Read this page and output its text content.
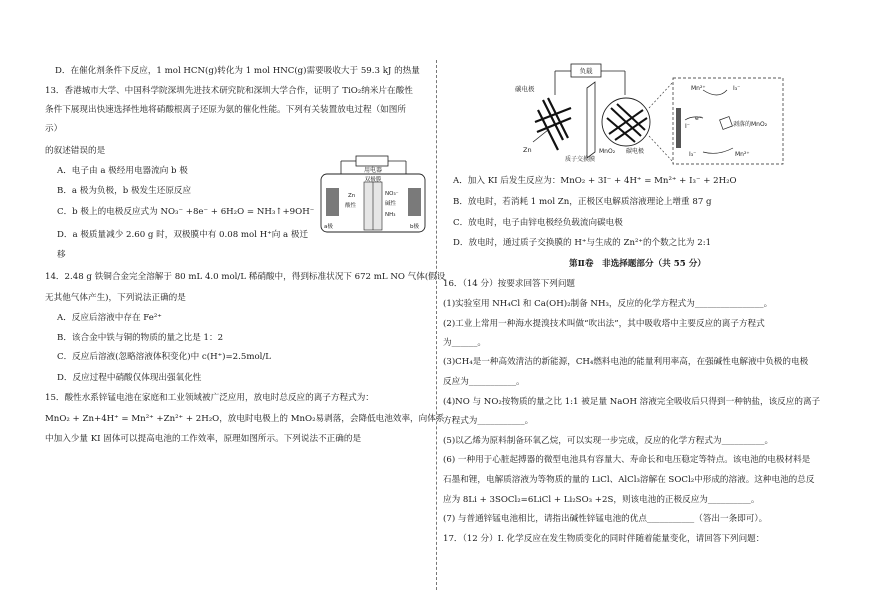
D．在催化剂条件下反应，1 mol HCN(g)转化为 1 mol HNC(g)需要吸收大于 59.3 kJ 的热量
13．香港城市大学、中国科学院深圳先进技术研究院和深圳大学合作，证明了 TiO₂纳米片在酸性
条件下展现出快速选择性地将硝酸根离子还原为氨的催化性能。下列有关装置放电过程（如图所
示）
的叙述错误的是
A．电子由 a 极经用电器流向 b 极
B．a 极为负极，b 极发生还原反应
C．b 极上的电极反应式为 NO₃⁻ +8e⁻ + 6H₂O = NH₃↑+9OH⁻
D．a 极质量减少 2.60 g 时，双极膜中有 0.08 mol H⁺向 a 极迁
移
用电器
双极膜
Zn
酸性
NO₃⁻
碱性
NH₃
a极	b极
14．2.48 g 铁铜合金完全溶解于 80 mL 4.0 mol/L 稀硝酸中，得到标准状况下 672 mL NO 气体(假设
无其他气体产生)，下列说法正确的是
A．反应后溶液中存在 Fe²⁺
B．该合金中铁与铜的物质的量之比是 1：2
C．反应后溶液(忽略溶液体积变化)中 c(H⁺)=2.5mol/L
D．反应过程中硝酸仅体现出强氧化性
15．酸性水系锌锰电池在家庭和工业领域被广泛应用，放电时总反应的离子方程式为：
MnO₂ + Zn+4H⁺ = Mn²⁺ +Zn²⁺ + 2H₂O，放电时电极上的 MnO₂易剥落，会降低电池效率，向体系
中加入少量 KI 固体可以提高电池的工作效率，原理如图所示。下列说法不正确的是
负载
碳电极
Zn
质子交换膜
MnO₂ 碳电极
Mn²⁺	I₃⁻
I⁻
e⁻
剥落的MnO₂
I₃⁻	Mn²⁺
A．加入 KI 后发生反应为：MnO₂ + 3I⁻ + 4H⁺ = Mn²⁺ + I₃⁻ + 2H₂O
B．放电时，若消耗 1 mol Zn，正极区电解质溶液理论上增重 87 g
C．放电时，电子由锌电极经负载流向碳电极
D．放电时，通过质子交换膜的 H⁺与生成的 Zn²⁺的个数之比为 2:1
第Ⅱ卷　非选择题部分（共 55 分）
16．（14 分）按要求回答下列问题
(1)实验室用 NH₄Cl 和 Ca(OH)₂制备 NH₃，反应的化学方程式为________________。
(2)工业上常用一种海水提溴技术叫做“吹出法”，其中吸收塔中主要反应的离子方程式
为______。
(3)CH₄是一种高效清洁的新能源，CH₄燃料电池的能量利用率高，在强碱性电解液中负极的电极
反应为___________。
(4)NO 与 NO₂按物质的量之比 1:1 被足量 NaOH 溶液完全吸收后只得到一种钠盐，该反应的离子
方程式为___________。
(5)以乙烯为原料制备环氧乙烷，可以实现一步完成，反应的化学方程式为__________。
(6) 一种用于心脏起搏器的微型电池具有容量大、寿命长和电压稳定等特点。该电池的电极材料是
石墨和锂，电解质溶液为等物质的量的 LiCl、AlCl₃溶解在 SOCl₂中形成的溶液。这种电池的总反
应为 8Li + 3SOCl₂=6LiCl + Li₂SO₃ +2S，则该电池的正极反应为__________。
(7) 与普通锌锰电池相比，请指出碱性锌锰电池的优点___________（答出一条即可）。
17．（12 分）Ⅰ. 化学反应在发生物质变化的同时伴随着能量变化，请回答下列问题：
